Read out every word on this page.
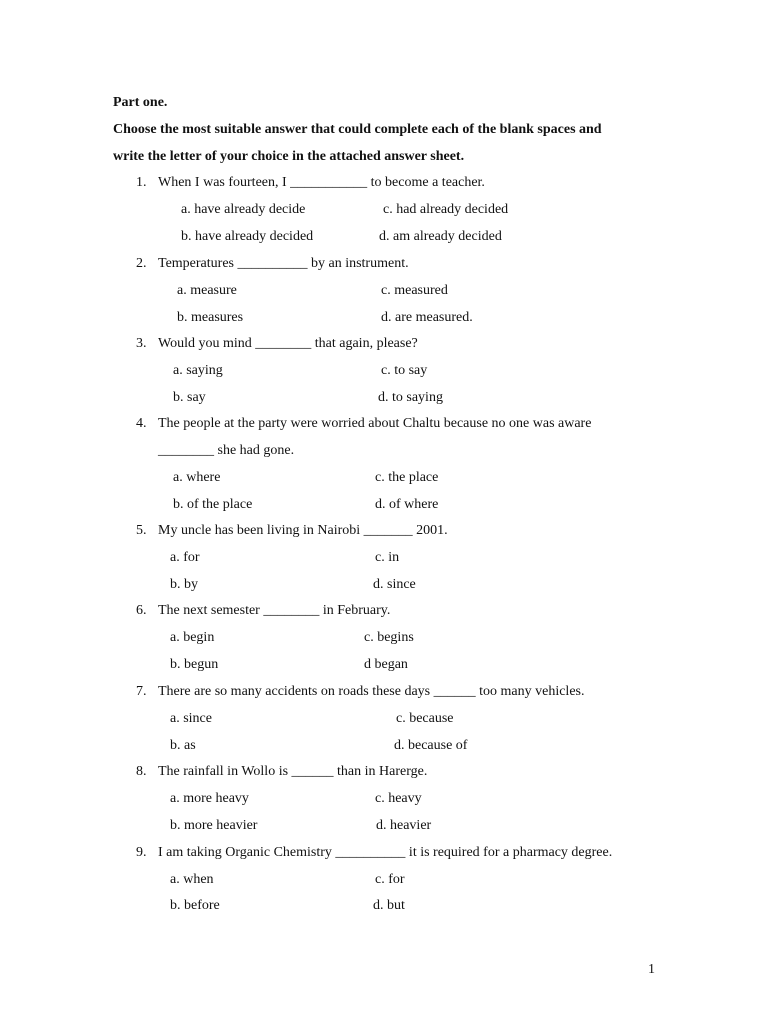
Part one.
Choose the most suitable answer that could complete each of the blank spaces and
write the letter of your choice in the attached answer sheet.
1. When I was fourteen, I ___________ to become a teacher.
a. have already decide	c. had already decided
b. have already decided	d. am already decided
2. Temperatures __________ by an instrument.
a. measure	c. measured
b. measures	d. are measured.
3. Would you mind ________ that again, please?
a. saying	c. to say
b. say	d. to saying
4. The people at the party were worried about Chaltu because no one was aware
________ she had gone.
a. where	c. the place
b. of the place	d. of where
5. My uncle has been living in Nairobi _______ 2001.
a. for	c. in
b. by	d. since
6. The next semester ________ in February.
a. begin	c. begins
b. begun	d began
7. There are so many accidents on roads these days ______ too many vehicles.
a. since	c. because
b. as	d. because of
8. The rainfall in Wollo is ______ than in Harerge.
a. more heavy	c. heavy
b. more heavier	d. heavier
9. I am taking Organic Chemistry __________ it is required for a pharmacy degree.
a. when	c. for
b. before	d. but
1
